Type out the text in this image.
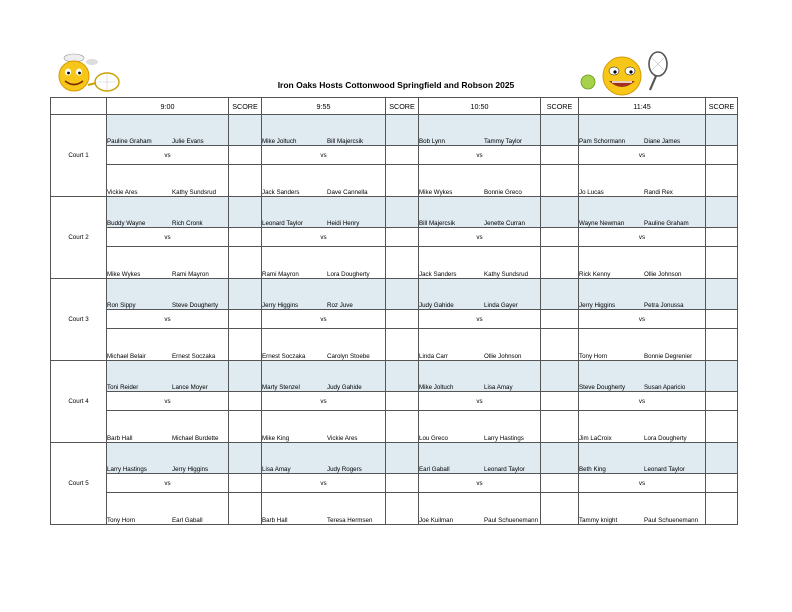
Iron Oaks Hosts Cottonwood Springfield and Robson 2025
	9:00	SCORE	9:55	SCORE	10:50	SCORE	11:45	SCORE
Court 1	Pauline Graham Julie Evans		Mike Joltuch Bill Majercsik		Bob Lynn Tammy Taylor		Pam Schormann Diane James	
	vs		vs		vs		vs	
	Vickie Ares Kathy Sundsrud		Jack Sanders Dave Cannella		Mike Wykes Bonnie Greco		Jo Lucas Randi Rex	
Court 2	Buddy Wayne Rich Cronk		Leonard Taylor Heidi Henry		Bill Majercsik Jenette Curran		Wayne Newman Pauline Graham	
	vs		vs		vs		vs	
	Mike Wykes Rami Mayron		Rami Mayron Lora Dougherty		Jack Sanders Kathy Sundsrud		Rick Kenny Ollie Johnson	
Court 3	Ron Sippy Steve Dougherty		Jerry Higgins Roz Juve		Judy Gahide Linda Gayer		Jerry Higgins Petra Jonussa	
	vs		vs		vs		vs	
	Michael Belair Ernest Soczaka		Ernest Soczaka Carolyn Stoebe		Linda Carr Ollie Johnson		Tony Horn Bonnie Degrenier	
Court 4	Toni Reider Lance Moyer		Marty Stenzel Judy Gahide		Mike Joltuch Lisa Amay		Steve Dougherty Susan Aparicio	
	vs		vs		vs		vs	
	Barb Hall Michael Burdette		Mike King Vickie Ares		Lou Greco Larry Hastings		Jim LaCroix Lora Dougherty	
Court 5	Larry Hastings Jerry Higgins		Lisa Amay Judy Rogers		Earl Gaball Leonard Taylor		Beth King Leonard Taylor	
	vs		vs		vs		vs	
	Tony Horn Earl Gaball		Barb Hall Teresa Hermsen		Joe Kuilman Paul Schuenemann		Tammy knight Paul Schuenemann	
